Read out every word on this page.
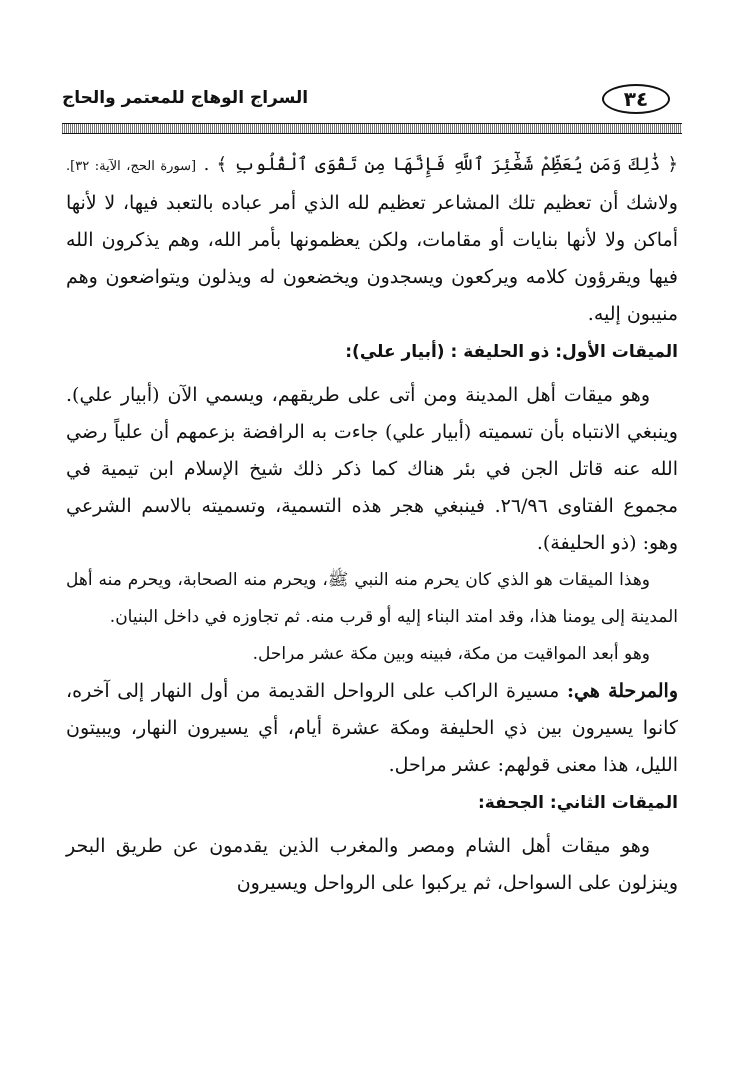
٣٤
السراج الوهاج للمعتمر والحاج

﴿ ذَٰلِكَ وَمَن يُعَظِّمْ شَعَٰٓئِرَ ٱللَّهِ فَإِنَّهَا مِن تَقْوَى ٱلْقُلُوبِ ﴾ . [سورة الحج، الآية: ٣٢]. ولاشك أن تعظيم تلك المشاعر تعظيم لله الذي أمر عباده بالتعبد فيها، لا لأنها أماكن ولا لأنها بنايات أو مقامات، ولكن يعظمونها بأمر الله، وهم يذكرون الله فيها ويقرؤون كلامه ويركعون ويسجدون ويخضعون له ويذلون ويتواضعون وهم منيبون إليه.

الميقات الأول: ذو الحليفة : (أبيار علي):

وهو ميقات أهل المدينة ومن أتى على طريقهم، ويسمي الآن (أبيار علي). وينبغي الانتباه بأن تسميته (أبيار علي) جاءت به الرافضة بزعمهم أن علياً رضي الله عنه قاتل الجن في بئر هناك كما ذكر ذلك شيخ الإسلام ابن تيمية في مجموع الفتاوى ٢٦/٩٦. فينبغي هجر هذه التسمية، وتسميته بالاسم الشرعي وهو: (ذو الحليفة).

وهذا الميقات هو الذي كان يحرم منه النبي ﷺ، ويحرم منه الصحابة، ويحرم منه أهل المدينة إلى يومنا هذا، وقد امتد البناء إليه أو قرب منه. ثم تجاوزه في داخل البنيان.

وهو أبعد المواقيت من مكة، فبينه وبين مكة عشر مراحل.

والمرحلة هي: مسيرة الراكب على الرواحل القديمة من أول النهار إلى آخره، كانوا يسيرون بين ذي الحليفة ومكة عشرة أيام، أي يسيرون النهار، ويبيتون الليل، هذا معنى قولهم: عشر مراحل.

الميقات الثاني: الجحفة:

وهو ميقات أهل الشام ومصر والمغرب الذين يقدمون عن طريق البحر وينزلون على السواحل، ثم يركبوا على الرواحل ويسيرون
